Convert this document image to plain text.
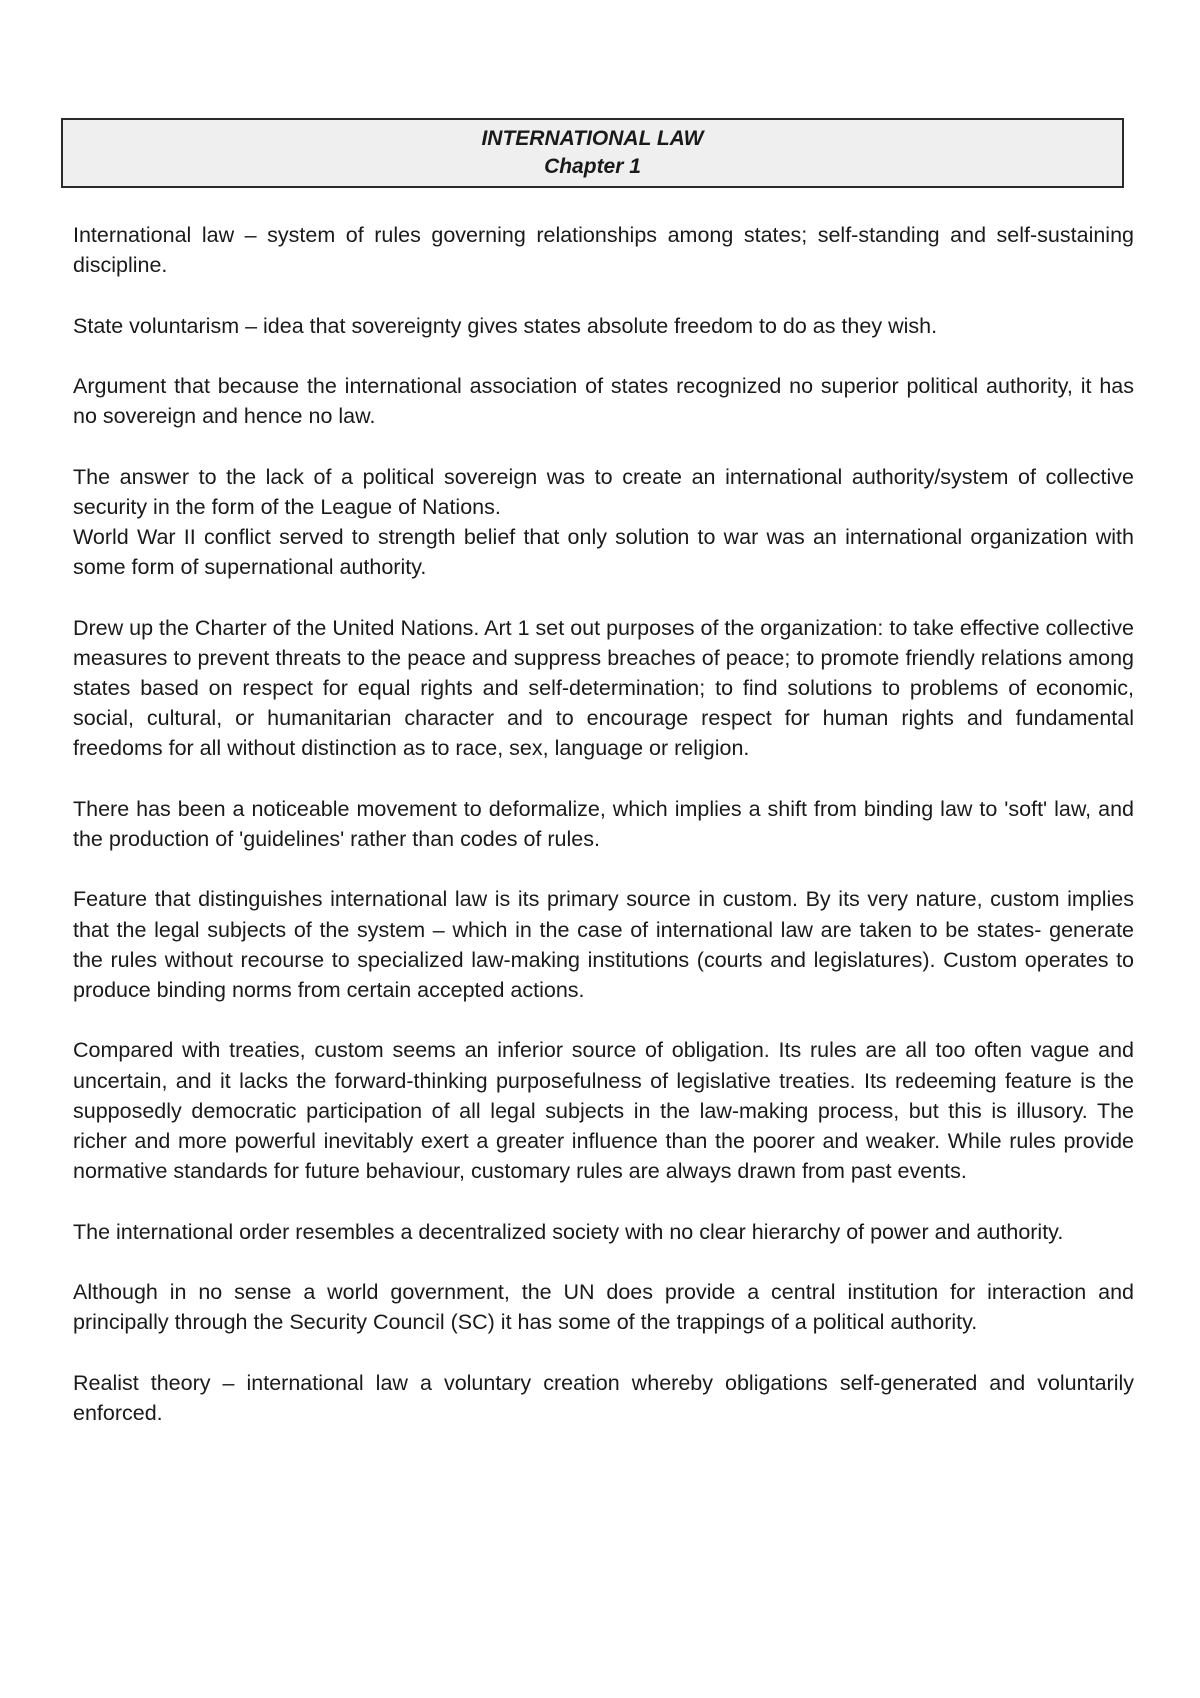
INTERNATIONAL LAW
Chapter 1

International law – system of rules governing relationships among states; self-standing and self-sustaining discipline.

State voluntarism – idea that sovereignty gives states absolute freedom to do as they wish.

Argument that because the international association of states recognized no superior political authority, it has no sovereign and hence no law.

The answer to the lack of a political sovereign was to create an international authority/system of collective security in the form of the League of Nations.

World War II conflict served to strength belief that only solution to war was an international organization with some form of supernational authority.

Drew up the Charter of the United Nations. Art 1 set out purposes of the organization: to take effective collective measures to prevent threats to the peace and suppress breaches of peace; to promote friendly relations among states based on respect for equal rights and self-determination; to find solutions to problems of economic, social, cultural, or humanitarian character and to encourage respect for human rights and fundamental freedoms for all without distinction as to race, sex, language or religion.

There has been a noticeable movement to deformalize, which implies a shift from binding law to 'soft' law, and the production of 'guidelines' rather than codes of rules.

Feature that distinguishes international law is its primary source in custom. By its very nature, custom implies that the legal subjects of the system – which in the case of international law are taken to be states- generate the rules without recourse to specialized law-making institutions (courts and legislatures). Custom operates to produce binding norms from certain accepted actions.

Compared with treaties, custom seems an inferior source of obligation. Its rules are all too often vague and uncertain, and it lacks the forward-thinking purposefulness of legislative treaties. Its redeeming feature is the supposedly democratic participation of all legal subjects in the law-making process, but this is illusory. The richer and more powerful inevitably exert a greater influence than the poorer and weaker. While rules provide normative standards for future behaviour, customary rules are always drawn from past events.

The international order resembles a decentralized society with no clear hierarchy of power and authority.

Although in no sense a world government, the UN does provide a central institution for interaction and principally through the Security Council (SC) it has some of the trappings of a political authority.

Realist theory – international law a voluntary creation whereby obligations self-generated and voluntarily enforced.
